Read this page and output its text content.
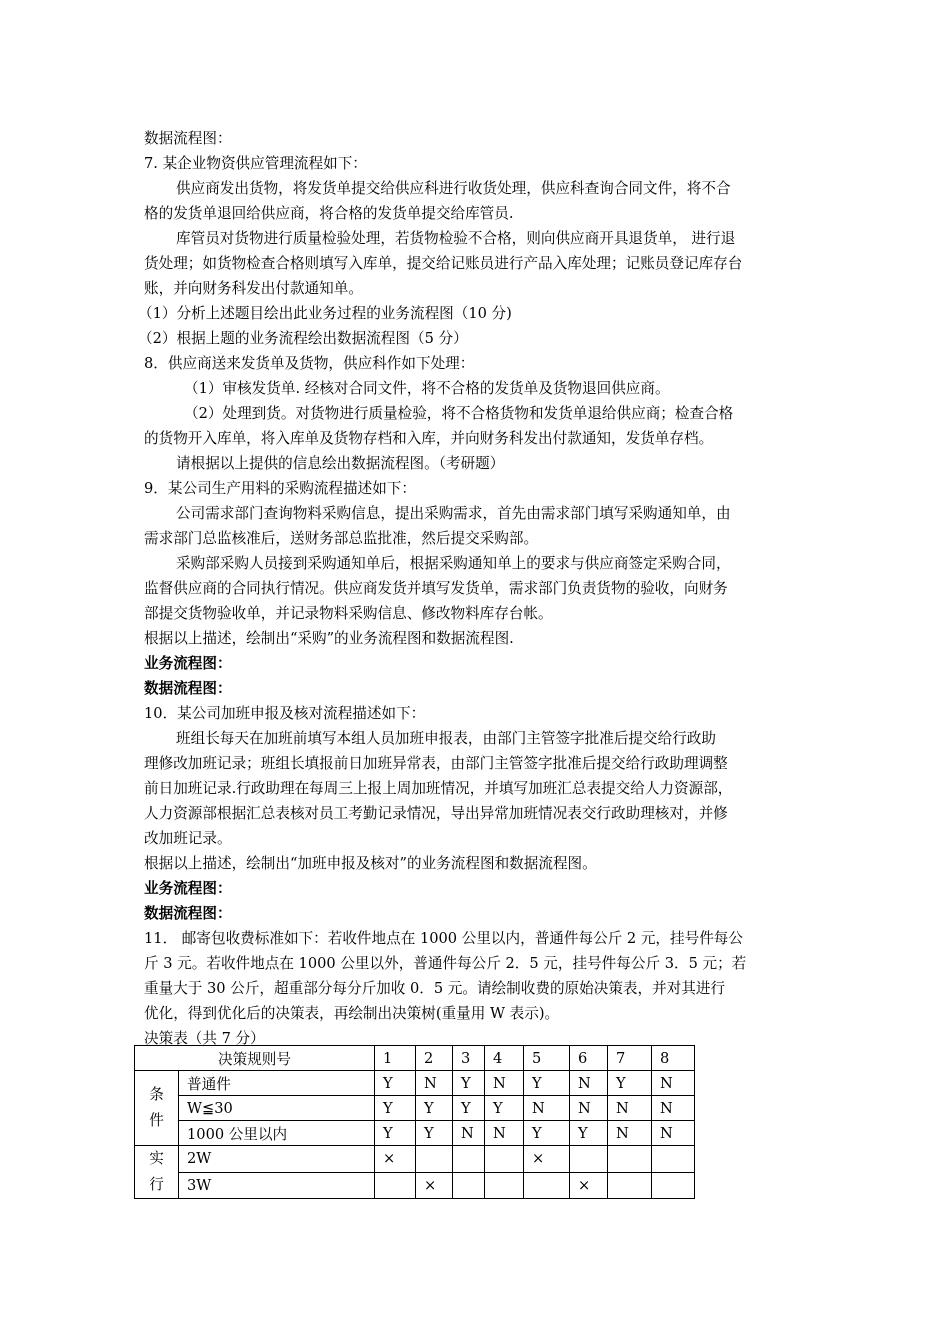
数据流程图：
7. 某企业物资供应管理流程如下：
供应商发出货物，将发货单提交给供应科进行收货处理，供应科查询合同文件，将不合
格的发货单退回给供应商，将合格的发货单提交给库管员.
库管员对货物进行质量检验处理，若货物检验不合格，则向供应商开具退货单， 进行退
货处理；如货物检查合格则填写入库单，提交给记账员进行产品入库处理；记账员登记库存台
账，并向财务科发出付款通知单。
（1）分析上述题目绘出此业务过程的业务流程图（10 分)
（2）根据上题的业务流程绘出数据流程图（5 分）
8．供应商送来发货单及货物，供应科作如下处理：
（1）审核发货单. 经核对合同文件，将不合格的发货单及货物退回供应商。
（2）处理到货。对货物进行质量检验，将不合格货物和发货单退给供应商；检查合格
的货物开入库单，将入库单及货物存档和入库，并向财务科发出付款通知，发货单存档。
请根据以上提供的信息绘出数据流程图。（考研题）
9．某公司生产用料的采购流程描述如下：
公司需求部门查询物料采购信息，提出采购需求，首先由需求部门填写采购通知单，由
需求部门总监核准后，送财务部总监批准，然后提交采购部。
采购部采购人员接到采购通知单后，根据采购通知单上的要求与供应商签定采购合同，
监督供应商的合同执行情况。供应商发货并填写发货单，需求部门负责货物的验收，向财务
部提交货物验收单，并记录物料采购信息、修改物料库存台帐。
根据以上描述，绘制出“采购”的业务流程图和数据流程图.
业务流程图：
数据流程图：
10．某公司加班申报及核对流程描述如下：
班组长每天在加班前填写本组人员加班申报表，由部门主管签字批准后提交给行政助
理修改加班记录；班组长填报前日加班异常表，由部门主管签字批准后提交给行政助理调整
前日加班记录.行政助理在每周三上报上周加班情况，并填写加班汇总表提交给人力资源部，
人力资源部根据汇总表核对员工考勤记录情况，导出异常加班情况表交行政助理核对，并修
改加班记录。
根据以上描述，绘制出“加班申报及核对”的业务流程图和数据流程图。
业务流程图：
数据流程图：
11． 邮寄包收费标准如下：若收件地点在 1000 公里以内，普通件每公斤 2 元，挂号件每公
斤 3 元。若收件地点在 1000 公里以外，普通件每公斤 2．5 元，挂号件每公斤 3．5 元；若
重量大于 30 公斤，超重部分每分斤加收 0．5 元。请绘制收费的原始决策表，并对其进行
优化，得到优化后的决策表，再绘制出决策树(重量用 W 表示)。
决策表（共 7 分）
决策规则号		1	2	3	4	5	6	7	8
条件	普通件	Y	N	Y	N	Y	N	Y	N
	W≦30	Y	Y	Y	Y	N	N	N	N
	1000 公里以内	Y	Y	N	N	Y	Y	N	N
实行	2W	×				×			
	3W		×				×		
